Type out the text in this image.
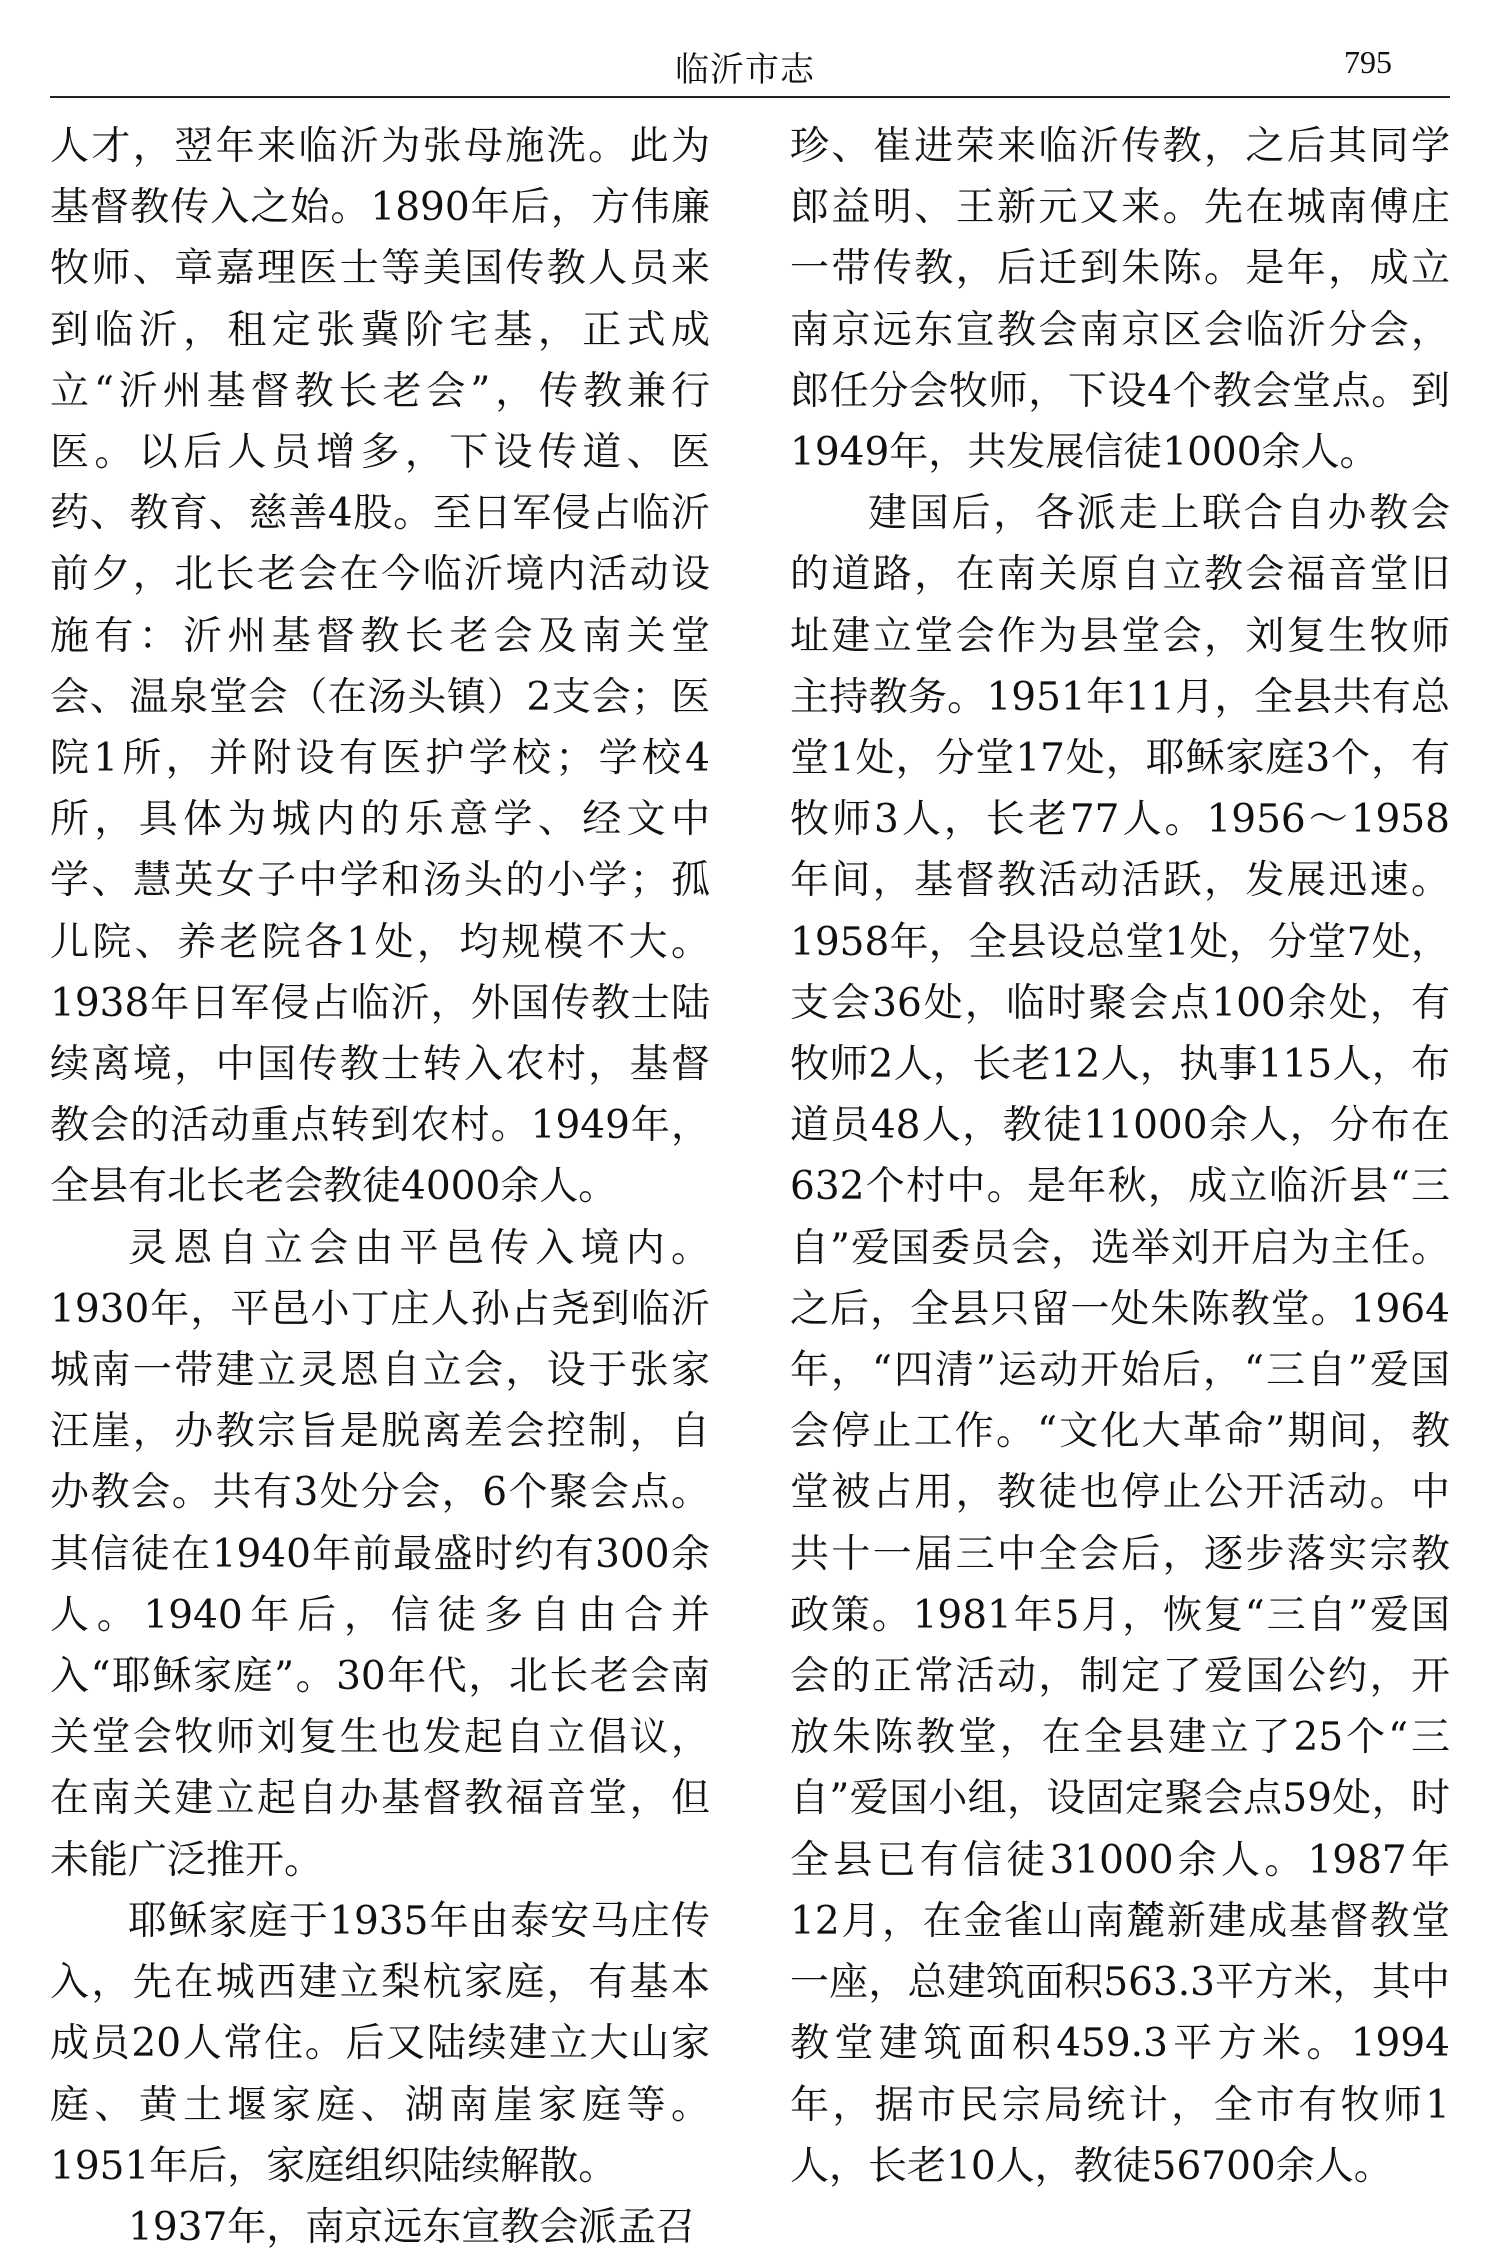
临沂市志	795

人才，翌年来临沂为张母施洗。此为基督教传入之始。1890年后，方伟廉牧师、章嘉理医士等美国传教人员来到临沂，租定张冀阶宅基，正式成立“沂州基督教长老会”，传教兼行医。以后人员增多，下设传道、医药、教育、慈善4股。至日军侵占临沂前夕，北长老会在今临沂境内活动设施有：沂州基督教长老会及南关堂会、温泉堂会（在汤头镇）2支会；医院1所，并附设有医护学校；学校4所，具体为城内的乐意学、经文中学、慧英女子中学和汤头的小学；孤儿院、养老院各1处，均规模不大。1938年日军侵占临沂，外国传教士陆续离境，中国传教士转入农村，基督教会的活动重点转到农村。1949年，全县有北长老会教徒4000余人。

灵恩自立会由平邑传入境内。1930年，平邑小丁庄人孙占尧到临沂城南一带建立灵恩自立会，设于张家汪崖，办教宗旨是脱离差会控制，自办教会。共有3处分会，6个聚会点。其信徒在1940年前最盛时约有300余人。1940年后，信徒多自由合并入“耶稣家庭”。30年代，北长老会南关堂会牧师刘复生也发起自立倡议，在南关建立起自办基督教福音堂，但未能广泛推开。

耶稣家庭于1935年由泰安马庄传入，先在城西建立梨杭家庭，有基本成员20人常住。后又陆续建立大山家庭、黄土堰家庭、湖南崖家庭等。1951年后，家庭组织陆续解散。

1937年，南京远东宣教会派孟召

珍、崔进荣来临沂传教，之后其同学郎益明、王新元又来。先在城南傅庄一带传教，后迁到朱陈。是年，成立南京远东宣教会南京区会临沂分会，郎任分会牧师，下设4个教会堂点。到1949年，共发展信徒1000余人。

建国后，各派走上联合自办教会的道路，在南关原自立教会福音堂旧址建立堂会作为县堂会，刘复生牧师主持教务。1951年11月，全县共有总堂1处，分堂17处，耶稣家庭3个，有牧师3人，长老77人。1956～1958年间，基督教活动活跃，发展迅速。1958年，全县设总堂1处，分堂7处，支会36处，临时聚会点100余处，有牧师2人，长老12人，执事115人，布道员48人，教徒11000余人，分布在632个村中。是年秋，成立临沂县“三自”爱国委员会，选举刘开启为主任。之后，全县只留一处朱陈教堂。1964年，“四清”运动开始后，“三自”爱国会停止工作。“文化大革命”期间，教堂被占用，教徒也停止公开活动。中共十一届三中全会后，逐步落实宗教政策。1981年5月，恢复“三自”爱国会的正常活动，制定了爱国公约，开放朱陈教堂，在全县建立了25个“三自”爱国小组，设固定聚会点59处，时全县已有信徒31000余人。1987年12月，在金雀山南麓新建成基督教堂一座，总建筑面积563.3平方米，其中教堂建筑面积459.3平方米。1994年，据市民宗局统计，全市有牧师1人，长老10人，教徒56700余人。
